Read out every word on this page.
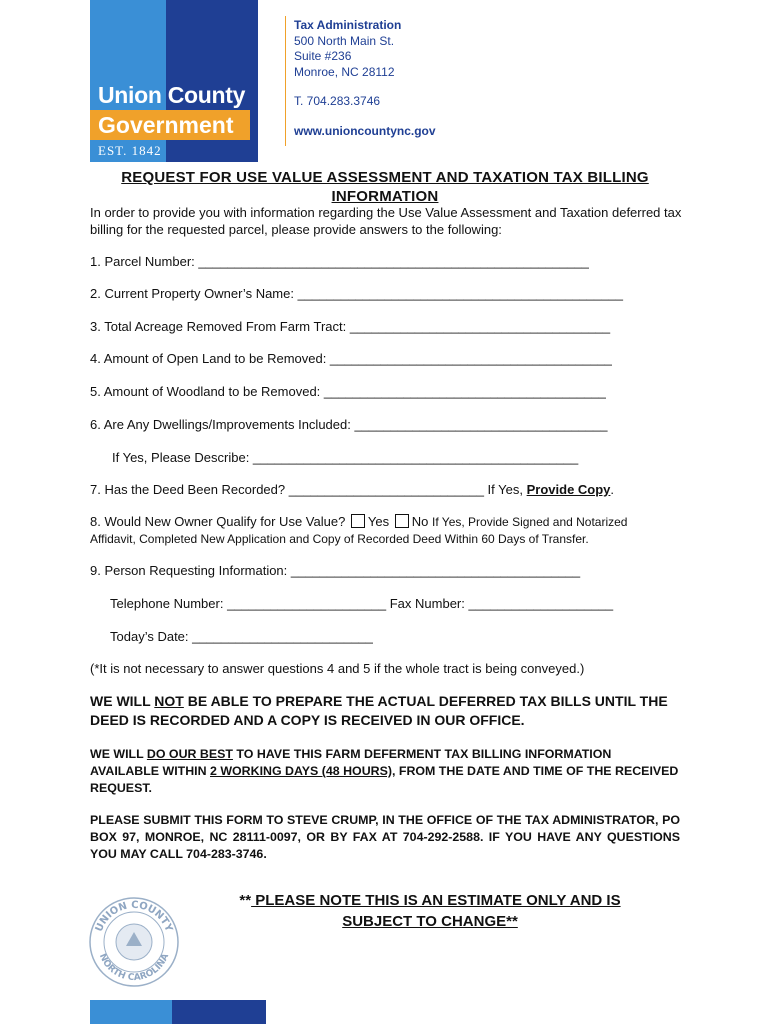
Union County
Government
EST. 1842
Tax Administration
500 North Main St.
Suite #236
Monroe, NC 28112
T. 704.283.3746
www.unioncountync.gov
REQUEST FOR USE VALUE ASSESSMENT AND TAXATION TAX BILLING
INFORMATION
In order to provide you with information regarding the Use Value Assessment and Taxation deferred tax billing for the requested parcel, please provide answers to the following:
1. Parcel Number: ______________________________________________________
2. Current Property Owner’s Name: _____________________________________________
3. Total Acreage Removed From Farm Tract: ____________________________________
4. Amount of Open Land to be Removed: _______________________________________
5. Amount of Woodland to be Removed: _______________________________________
6. Are Any Dwellings/Improvements Included: ___________________________________
If Yes, Please Describe: _____________________________________________
7. Has the Deed Been Recorded? ___________________________ If Yes, Provide Copy.
8. Would New Owner Qualify for Use Value? Yes No If Yes, Provide Signed and Notarized
Affidavit, Completed New Application and Copy of Recorded Deed Within 60 Days of Transfer.
9. Person Requesting Information: ________________________________________
Telephone Number: ______________________ Fax Number: ____________________
Today’s Date: _________________________
(*It is not necessary to answer questions 4 and 5 if the whole tract is being conveyed.)
WE WILL NOT BE ABLE TO PREPARE THE ACTUAL DEFERRED TAX BILLS UNTIL THE DEED IS RECORDED AND A COPY IS RECEIVED IN OUR OFFICE.
WE WILL DO OUR BEST TO HAVE THIS FARM DEFERMENT TAX BILLING INFORMATION AVAILABLE WITHIN 2 WORKING DAYS (48 HOURS), FROM THE DATE AND TIME OF THE RECEIVED REQUEST.
PLEASE SUBMIT THIS FORM TO STEVE CRUMP, IN THE OFFICE OF THE TAX ADMINISTRATOR, PO BOX 97, MONROE, NC 28111-0097, OR BY FAX AT 704-292-2588. IF YOU HAVE ANY QUESTIONS YOU MAY CALL 704-283-3746.
UNION COUNTY
NORTH CAROLINA
** PLEASE NOTE THIS IS AN ESTIMATE ONLY AND IS
SUBJECT TO CHANGE**
